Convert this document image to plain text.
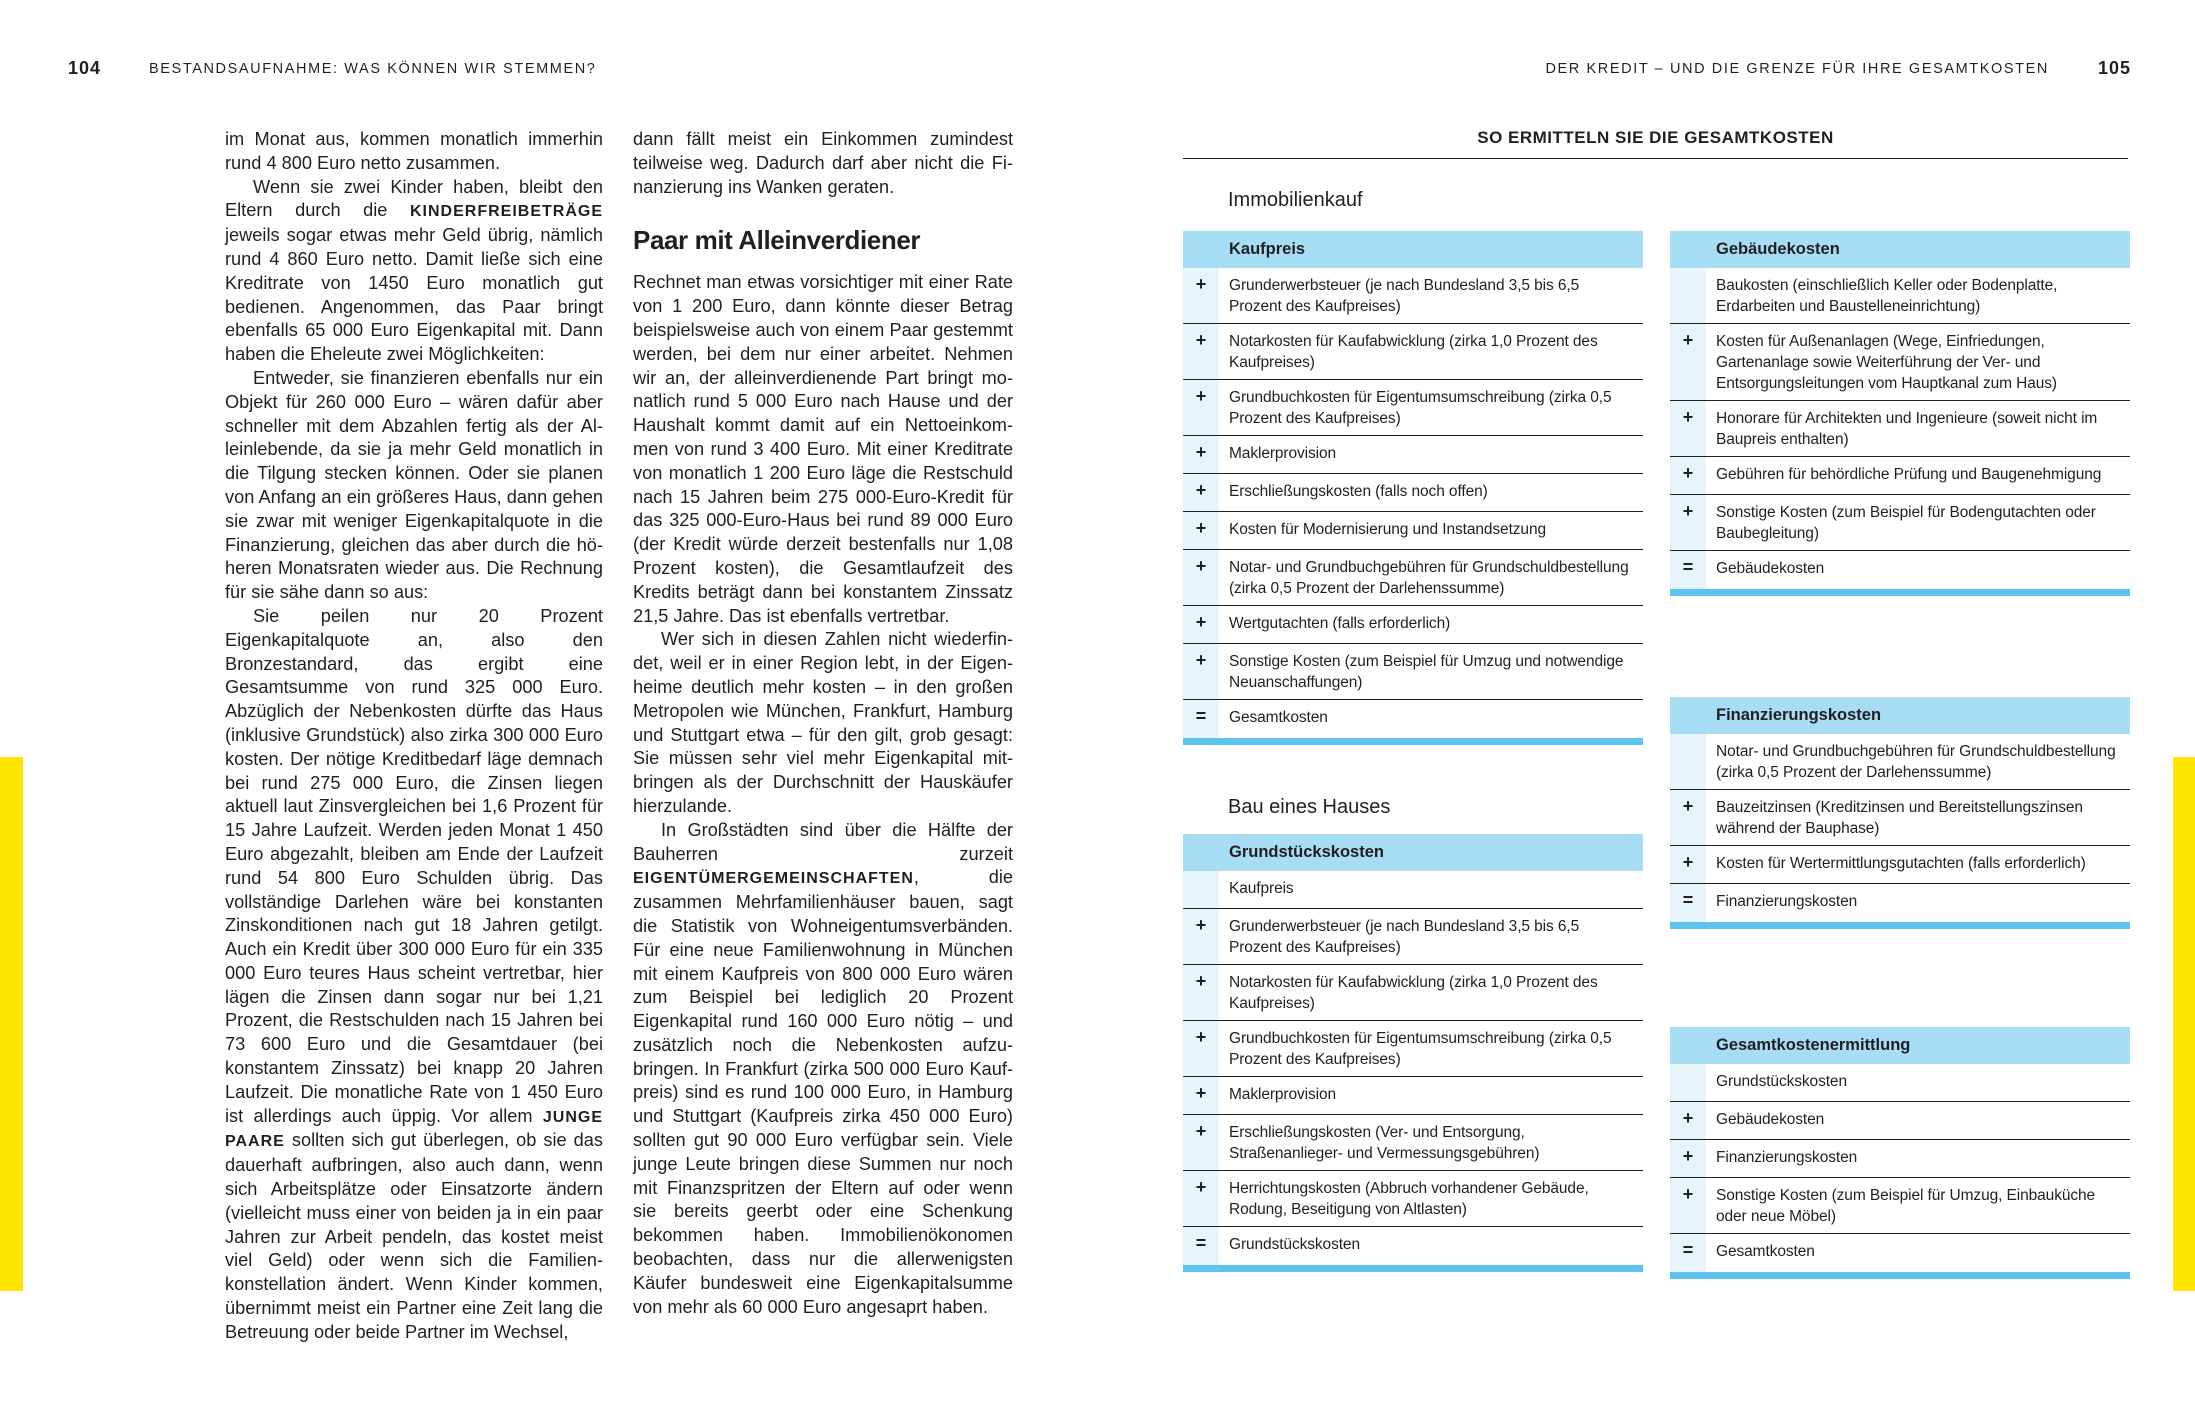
104	BESTANDSAUFNAHME: WAS KÖNNEN WIR STEMMEN?	DER KREDIT – UND DIE GRENZE FÜR IHRE GESAMTKOSTEN	105

im Monat aus, kommen monatlich immerhin rund 4 800 Euro netto zusammen.

Wenn sie zwei Kinder haben, bleibt den Eltern durch die KINDERFREIBETRÄGE jeweils sogar etwas mehr Geld übrig, nämlich rund 4 860 Euro netto. Damit ließe sich eine Kreditrate von 1450 Euro monatlich gut bedienen. Angenommen, das Paar bringt ebenfalls 65 000 Euro Eigenkapital mit. Dann haben die Eheleute zwei Möglichkeiten:

Entweder, sie finanzieren ebenfalls nur ein Objekt für 260 000 Euro – wären dafür aber schneller mit dem Abzahlen fertig als der Alleinlebende, da sie ja mehr Geld monatlich in die Tilgung stecken können. Oder sie planen von Anfang an ein größeres Haus, dann gehen sie zwar mit weniger Eigenkapitalquote in die Finanzierung, gleichen das aber durch die höheren Monatsraten wieder aus. Die Rechnung für sie sähe dann so aus:

Sie peilen nur 20 Prozent Eigenkapitalquote an, also den Bronzestandard, das ergibt eine Gesamtsumme von rund 325 000 Euro. Abzüglich der Nebenkosten dürfte das Haus (inklusive Grundstück) also zirka 300 000 Euro kosten. Der nötige Kreditbedarf läge demnach bei rund 275 000 Euro, die Zinsen liegen aktuell laut Zinsvergleichen bei 1,6 Prozent für 15 Jahre Laufzeit. Werden jeden Monat 1 450 Euro abgezahlt, bleiben am Ende der Laufzeit rund 54 800 Euro Schulden übrig. Das vollständige Darlehen wäre bei konstanten Zinskonditionen nach gut 18 Jahren getilgt. Auch ein Kredit über 300 000 Euro für ein 335 000 Euro teures Haus scheint vertretbar, hier lägen die Zinsen dann sogar nur bei 1,21 Prozent, die Restschulden nach 15 Jahren bei 73 600 Euro und die Gesamtdauer (bei konstantem Zinssatz) bei knapp 20 Jahren Laufzeit. Die monatliche Rate von 1 450 Euro ist allerdings auch üppig. Vor allem JUNGE PAARE sollten sich gut überlegen, ob sie das dauerhaft aufbringen, also auch dann, wenn sich Arbeitsplätze oder Einsatzorte ändern (vielleicht muss einer von beiden ja in ein paar Jahren zur Arbeit pendeln, das kostet meist viel Geld) oder wenn sich die Familienkonstellation ändert. Wenn Kinder kommen, übernimmt meist ein Partner eine Zeit lang die Betreuung oder beide Partner im Wechsel,

dann fällt meist ein Einkommen zumindest teilweise weg. Dadurch darf aber nicht die Finanzierung ins Wanken geraten.

Paar mit Alleinverdiener

Rechnet man etwas vorsichtiger mit einer Rate von 1 200 Euro, dann könnte dieser Betrag beispielsweise auch von einem Paar gestemmt werden, bei dem nur einer arbeitet. Nehmen wir an, der alleinverdienende Part bringt monatlich rund 5 000 Euro nach Hause und der Haushalt kommt damit auf ein Nettoeinkommen von rund 3 400 Euro. Mit einer Kreditrate von monatlich 1 200 Euro läge die Restschuld nach 15 Jahren beim 275 000-Euro-Kredit für das 325 000-Euro-Haus bei rund 89 000 Euro (der Kredit würde derzeit bestenfalls nur 1,08 Prozent kosten), die Gesamtlaufzeit des Kredits beträgt dann bei konstantem Zinssatz 21,5 Jahre. Das ist ebenfalls vertretbar.

Wer sich in diesen Zahlen nicht wiederfindet, weil er in einer Region lebt, in der Eigenheime deutlich mehr kosten – in den großen Metropolen wie München, Frankfurt, Hamburg und Stuttgart etwa – für den gilt, grob gesagt: Sie müssen sehr viel mehr Eigenkapital mitbringen als der Durchschnitt der Hauskäufer hierzulande.

In Großstädten sind über die Hälfte der Bauherren zurzeit EIGENTÜMERGEMEINSCHAFTEN, die zusammen Mehrfamilienhäuser bauen, sagt die Statistik von Wohneigentumsverbänden. Für eine neue Familienwohnung in München mit einem Kaufpreis von 800 000 Euro wären zum Beispiel bei lediglich 20 Prozent Eigenkapital rund 160 000 Euro nötig – und zusätzlich noch die Nebenkosten aufzubringen. In Frankfurt (zirka 500 000 Euro Kaufpreis) sind es rund 100 000 Euro, in Hamburg und Stuttgart (Kaufpreis zirka 450 000 Euro) sollten gut 90 000 Euro verfügbar sein. Viele junge Leute bringen diese Summen nur noch mit Finanzspritzen der Eltern auf oder wenn sie bereits geerbt oder eine Schenkung bekommen haben. Immobilienökonomen beobachten, dass nur die allerwenigsten Käufer bundesweit eine Eigenkapitalsumme von mehr als 60 000 Euro angesaprt haben.

SO ERMITTELN SIE DIE GESAMTKOSTEN
Immobilienkauf
Bau eines Hauses
Kaufpreis
+	Grunderwerbsteuer (je nach Bundesland 3,5 bis 6,5 Prozent des Kaufpreises)
+	Notarkosten für Kaufabwicklung (zirka 1,0 Prozent des Kaufpreises)
+	Grundbuchkosten für Eigentumsumschreibung (zirka 0,5 Prozent des Kaufpreises)
+	Maklerprovision
+	Erschließungskosten (falls noch offen)
+	Kosten für Modernisierung und Instandsetzung
+	Notar- und Grundbuchgebühren für Grundschuldbestellung (zirka 0,5 Prozent der Darlehenssumme)
+	Wertgutachten (falls erforderlich)
+	Sonstige Kosten (zum Beispiel für Umzug und notwendige Neuanschaffungen)
=	Gesamtkosten
Grundstückskosten
Kaufpreis
+	Grunderwerbsteuer (je nach Bundesland 3,5 bis 6,5 Prozent des Kaufpreises)
+	Notarkosten für Kaufabwicklung (zirka 1,0 Prozent des Kaufpreises)
+	Grundbuchkosten für Eigentumsumschreibung (zirka 0,5 Prozent des Kaufpreises)
+	Maklerprovision
+	Erschließungskosten (Ver- und Entsorgung, Straßenanlieger- und Vermessungsgebühren)
+	Herrichtungskosten (Abbruch vorhandener Gebäude, Rodung, Beseitigung von Altlasten)
=	Grundstückskosten
Gebäudekosten
Baukosten (einschließlich Keller oder Bodenplatte, Erdarbeiten und Baustelleneinrichtung)
+	Kosten für Außenanlagen (Wege, Einfriedungen, Gartenanlage sowie Weiterführung der Ver- und Entsorgungsleitungen vom Hauptkanal zum Haus)
+	Honorare für Architekten und Ingenieure (soweit nicht im Baupreis enthalten)
+	Gebühren für behördliche Prüfung und Baugenehmigung
+	Sonstige Kosten (zum Beispiel für Bodengutachten oder Baubegleitung)
=	Gebäudekosten
Finanzierungskosten
Notar- und Grundbuchgebühren für Grundschuldbestellung (zirka 0,5 Prozent der Darlehenssumme)
+	Bauzeitzinsen (Kreditzinsen und Bereitstellungszinsen während der Bauphase)
+	Kosten für Wertermittlungsgutachten (falls erforderlich)
=	Finanzierungskosten
Gesamtkostenermittlung
Grundstückskosten
+	Gebäudekosten
+	Finanzierungskosten
+	Sonstige Kosten (zum Beispiel für Umzug, Einbauküche oder neue Möbel)
=	Gesamtkosten
